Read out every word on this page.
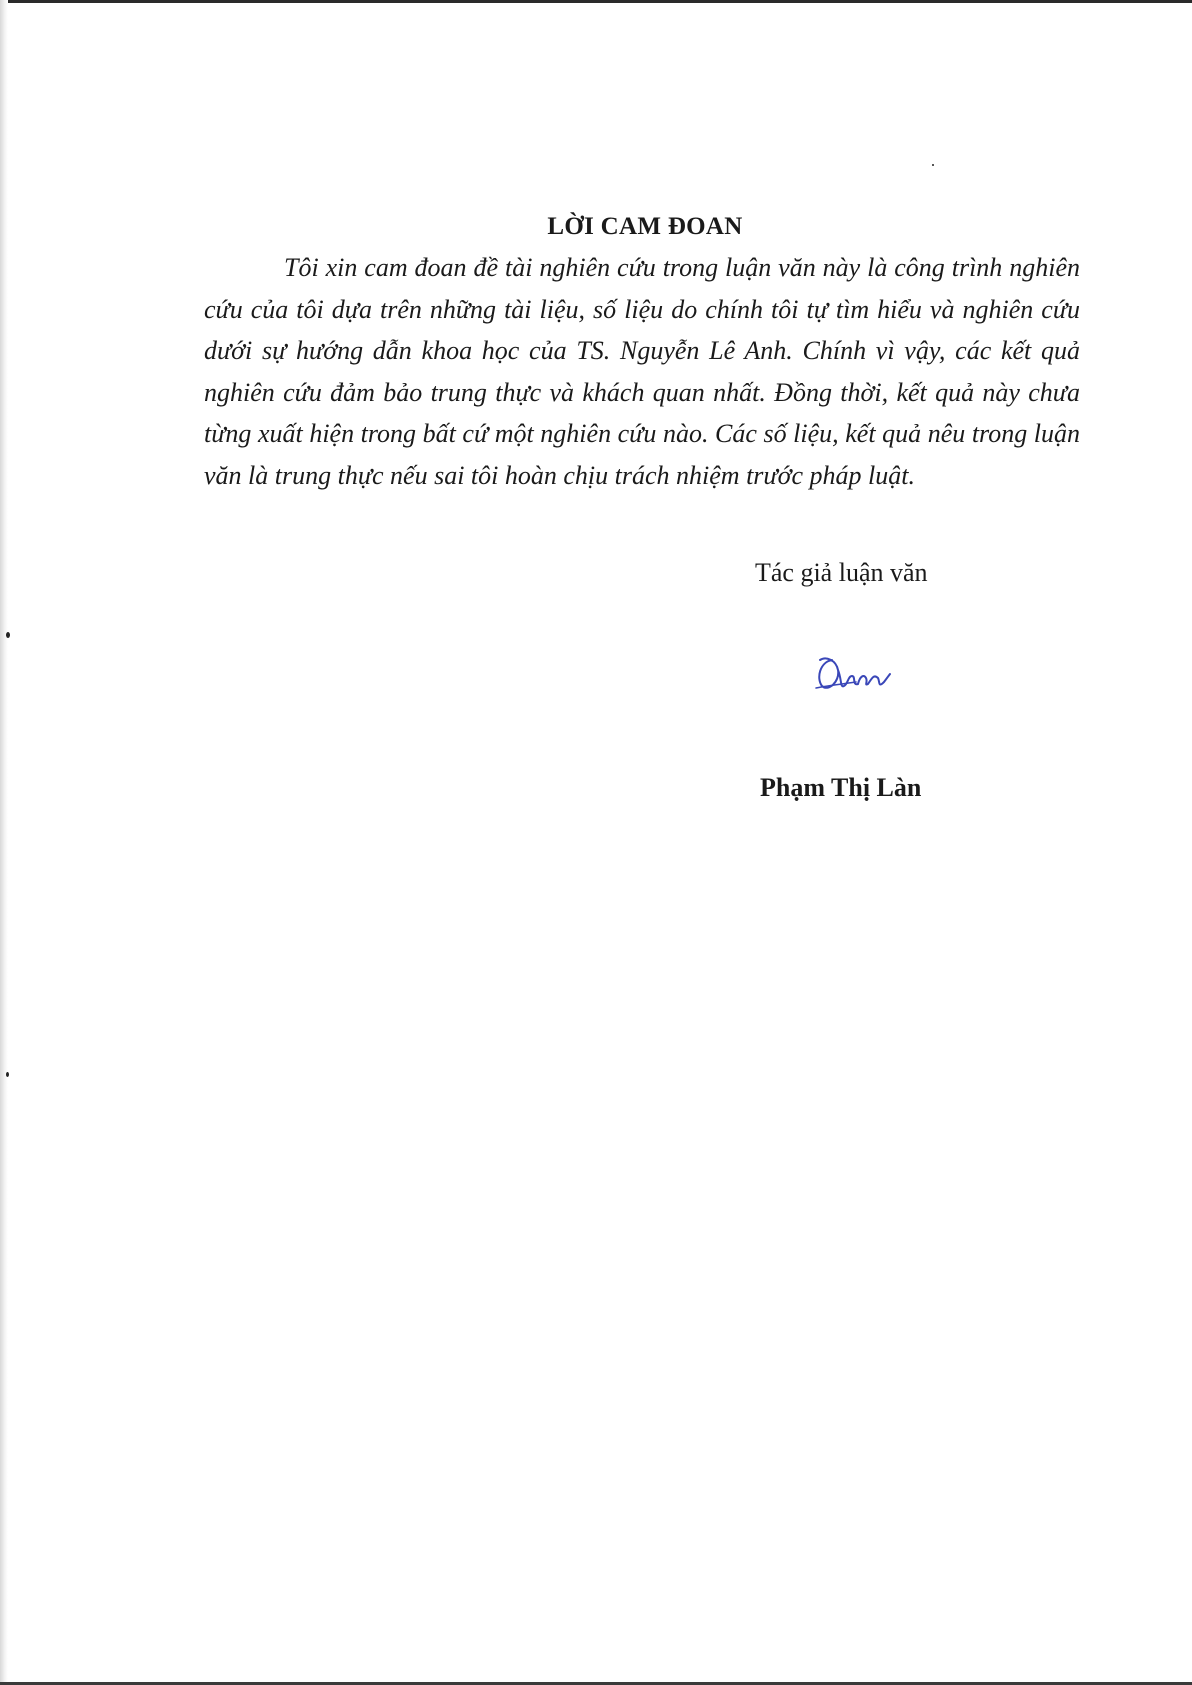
LỜI CAM ĐOAN

Tôi xin cam đoan đề tài nghiên cứu trong luận văn này là công trình nghiên cứu của tôi dựa trên những tài liệu, số liệu do chính tôi tự tìm hiểu và nghiên cứu dưới sự hướng dẫn khoa học của TS. Nguyễn Lê Anh. Chính vì vậy, các kết quả nghiên cứu đảm bảo trung thực và khách quan nhất. Đồng thời, kết quả này chưa từng xuất hiện trong bất cứ một nghiên cứu nào. Các số liệu, kết quả nêu trong luận văn là trung thực nếu sai tôi hoàn chịu trách nhiệm trước pháp luật.

Tác giả luận văn
Phạm Thị Làn
